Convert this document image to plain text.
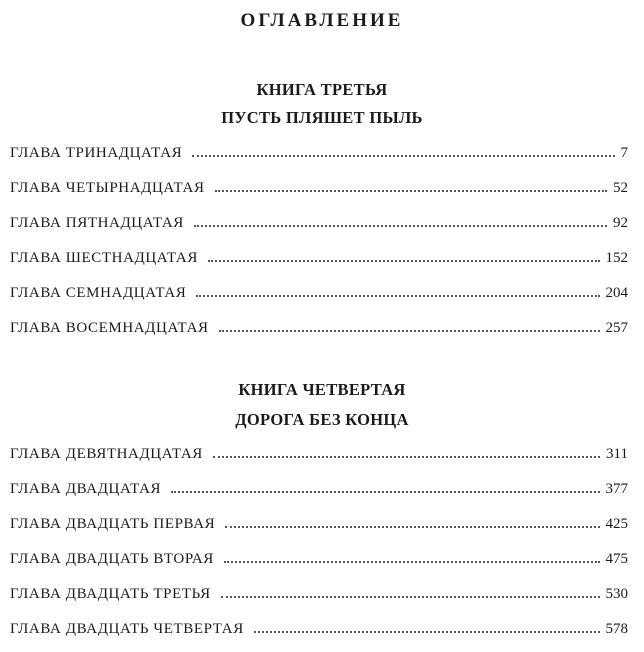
ОГЛАВЛЕНИЕ
КНИГА ТРЕТЬЯ
ПУСТЬ ПЛЯШЕТ ПЫЛЬ
ГЛАВА ТРИНАДЦАТАЯ	7
ГЛАВА ЧЕТЫРНАДЦАТАЯ	52
ГЛАВА ПЯТНАДЦАТАЯ	92
ГЛАВА ШЕСТНАДЦАТАЯ	152
ГЛАВА СЕМНАДЦАТАЯ	204
ГЛАВА ВОСЕМНАДЦАТАЯ	257
КНИГА ЧЕТВЕРТАЯ
ДОРОГА БЕЗ КОНЦА
ГЛАВА ДЕВЯТНАДЦАТАЯ	311
ГЛАВА ДВАДЦАТАЯ	377
ГЛАВА ДВАДЦАТЬ ПЕРВАЯ	425
ГЛАВА ДВАДЦАТЬ ВТОРАЯ	475
ГЛАВА ДВАДЦАТЬ ТРЕТЬЯ	530
ГЛАВА ДВАДЦАТЬ ЧЕТВЕРТАЯ	578
